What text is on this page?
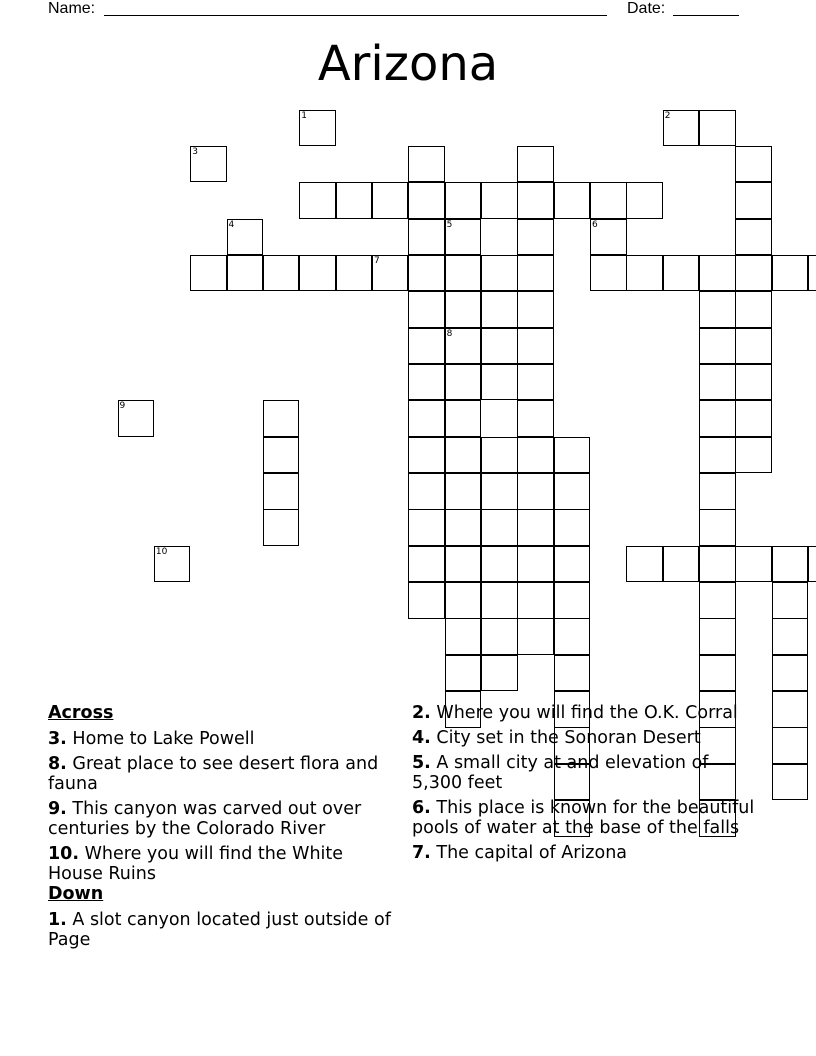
Name:	Date:
Arizona
7
5
8
1	2
3
4	6
9
10
Across
3. Home to Lake Powell
8. Great place to see desert flora and fauna
9. This canyon was carved out over centuries by the Colorado River
10. Where you will find the White House Ruins
Down
1. A slot canyon located just outside of Page
2. Where you will find the O.K. Corral
4. City set in the Sonoran Desert
5. A small city at and elevation of 5,300 feet
6. This place is known for the beautiful pools of water at the base of the falls
7. The capital of Arizona
